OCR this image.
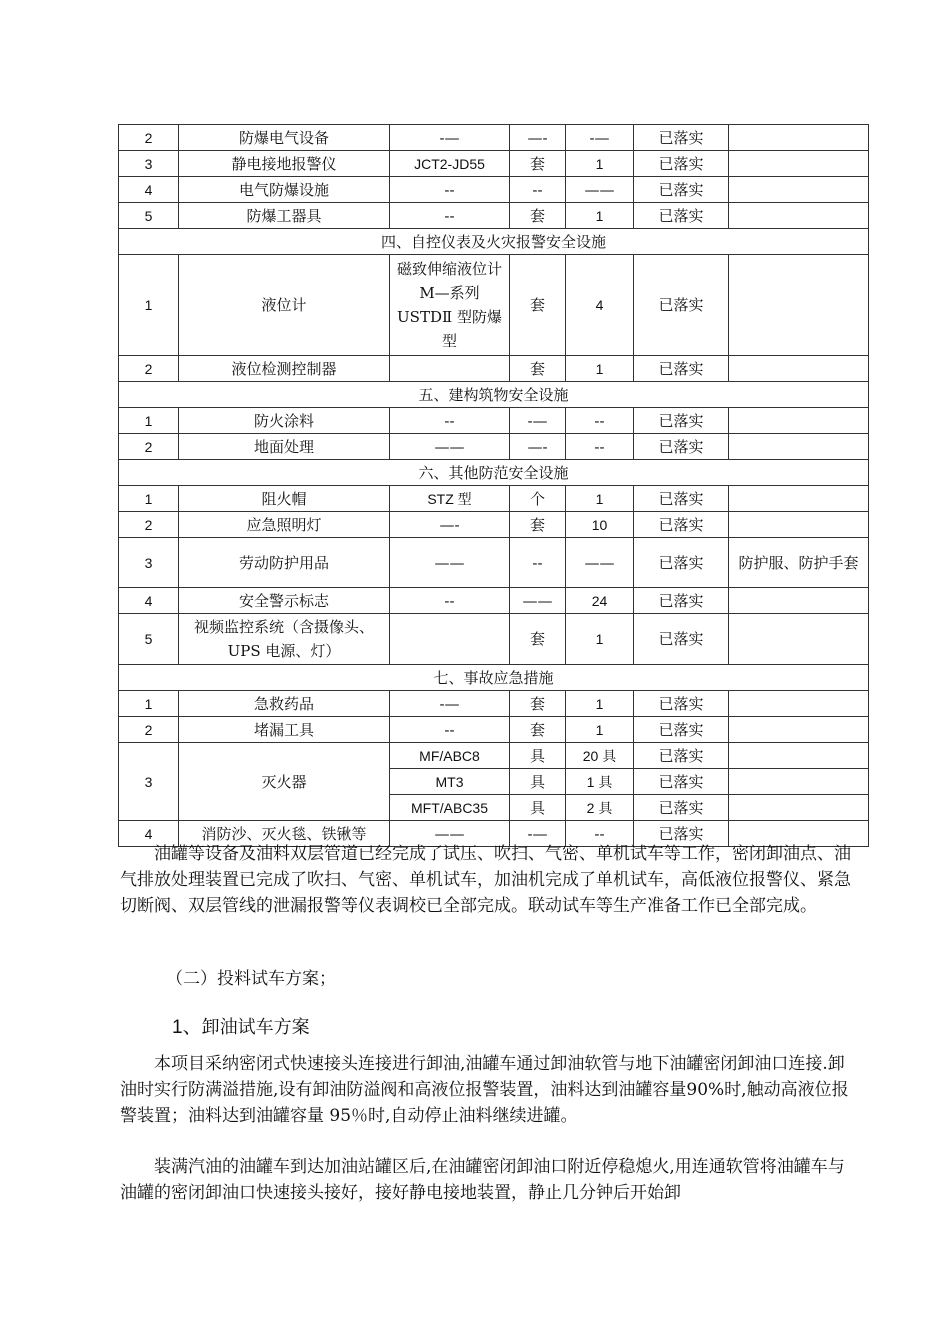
2	防爆电气设备	-—	—-	-—	已落实	
3	静电接地报警仪	JCT2-JD55	套	1	已落实	
4	电气防爆设施	--	--	——	已落实	
5	防爆工器具	--	套	1	已落实	
四、自控仪表及火灾报警安全设施						
1	液位计	磁致伸缩液位计M—系列USTDⅡ 型防爆型	套	4	已落实	
2	液位检测控制器		套	1	已落实	
五、建构筑物安全设施						
1	防火涂料	--	-—	--	已落实	
2	地面处理	——	—-	--	已落实	
六、其他防范安全设施						
1	阻火帽	STZ 型	个	1	已落实	
2	应急照明灯	—-	套	10	已落实	
3	劳动防护用品	——	--	——	已落实	防护服、防护手套
4	安全警示标志	--	——	24	已落实	
5	视频监控系统（含摄像头、UPS 电源、灯）		套	1	已落实	
七、事故应急措施						
1	急救药品	-—	套	1	已落实	
2	堵漏工具	--	套	1	已落实	
3	灭火器	MF/ABC8	具	20 具	已落实	
		MT3	具	1 具	已落实	
		MFT/ABC35	具	2 具	已落实	
4	消防沙、灭火毯、铁锹等	——	-—	--	已落实	
油罐等设备及油料双层管道已经完成了试压、吹扫、气密、单机试车等工作，密闭卸油点、油气排放处理装置已完成了吹扫、气密、单机试车，加油机完成了单机试车，高低液位报警仪、紧急切断阀、双层管线的泄漏报警等仪表调校已全部完成。联动试车等生产准备工作已全部完成。
（二）投料试车方案；
1、卸油试车方案
本项目采纳密闭式快速接头连接进行卸油,油罐车通过卸油软管与地下油罐密闭卸油口连接.卸油时实行防满溢措施,设有卸油防溢阀和高液位报警装置，油料达到油罐容量90%时,触动高液位报警装置；油料达到油罐容量 95％时,自动停止油料继续进罐。
装满汽油的油罐车到达加油站罐区后,在油罐密闭卸油口附近停稳熄火,用连通软管将油罐车与油罐的密闭卸油口快速接头接好，接好静电接地装置，静止几分钟后开始卸
